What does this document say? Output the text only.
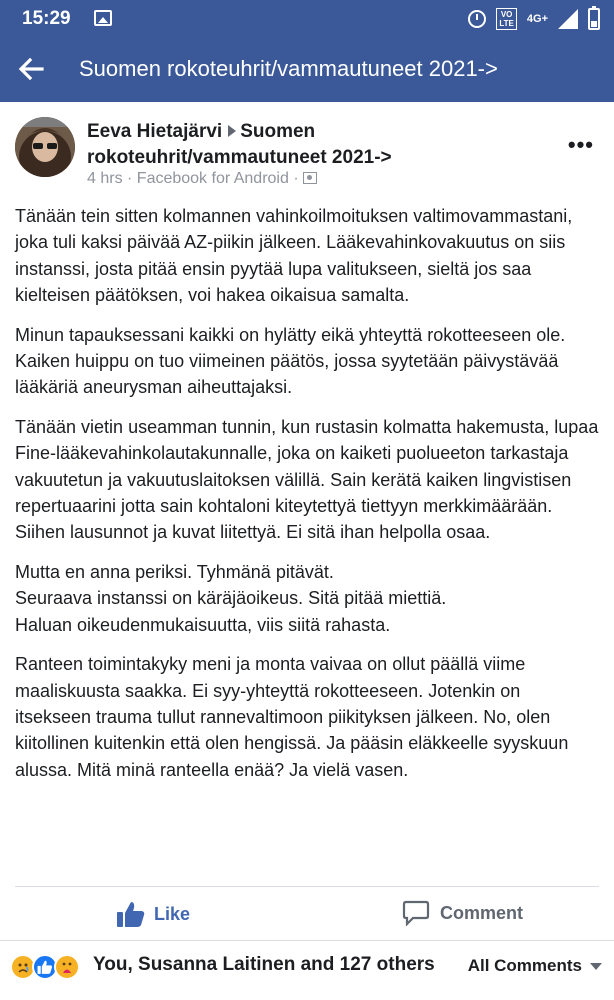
15:29	VO
LTE 4G+
Suomen rokoteuhrit/vammautuneet 2021->
Eeva Hietajärvi Suomen rokoteuhrit/vammautuneet 2021->
4 hrs · Facebook for Android ·
•••

Tänään tein sitten kolmannen vahinkoilmoituksen valtimovammastani, joka tuli kaksi päivää AZ-piikin jälkeen. Lääkevahinkovakuutus on siis instanssi, josta pitää ensin pyytää lupa valitukseen, sieltä jos saa kielteisen päätöksen, voi hakea oikaisua samalta.

Minun tapauksessani kaikki on hylätty eikä yhteyttä rokotteeseen ole. Kaiken huippu on tuo viimeinen päätös, jossa syytetään päivystävää lääkäriä aneurysman aiheuttajaksi.

Tänään vietin useamman tunnin, kun rustasin kolmatta hakemusta, lupaa Fine-lääkevahinkolautakunnalle, joka on kaiketi puolueeton tarkastaja vakuutetun ja vakuutuslaitoksen välillä. Sain kerätä kaiken lingvistisen repertuaarini jotta sain kohtaloni kiteytettyä tiettyyn merkkimäärään. Siihen lausunnot ja kuvat liitettyä. Ei sitä ihan helpolla osaa.

Mutta en anna periksi. Tyhmänä pitävät.
Seuraava instanssi on käräjäoikeus. Sitä pitää miettiä.
Haluan oikeudenmukaisuutta, viis siitä rahasta.

Ranteen toimintakyky meni ja monta vaivaa on ollut päällä viime maaliskuusta saakka. Ei syy-yhteyttä rokotteeseen. Jotenkin on itsekseen trauma tullut rannevaltimoon piikityksen jälkeen. No, olen kiitollinen kuitenkin että olen hengissä. Ja pääsin eläkkeelle syyskuun alussa. Mitä minä ranteella enää? Ja vielä vasen.

Like	Comment
You, Susanna Laitinen and 127 others All Comments
